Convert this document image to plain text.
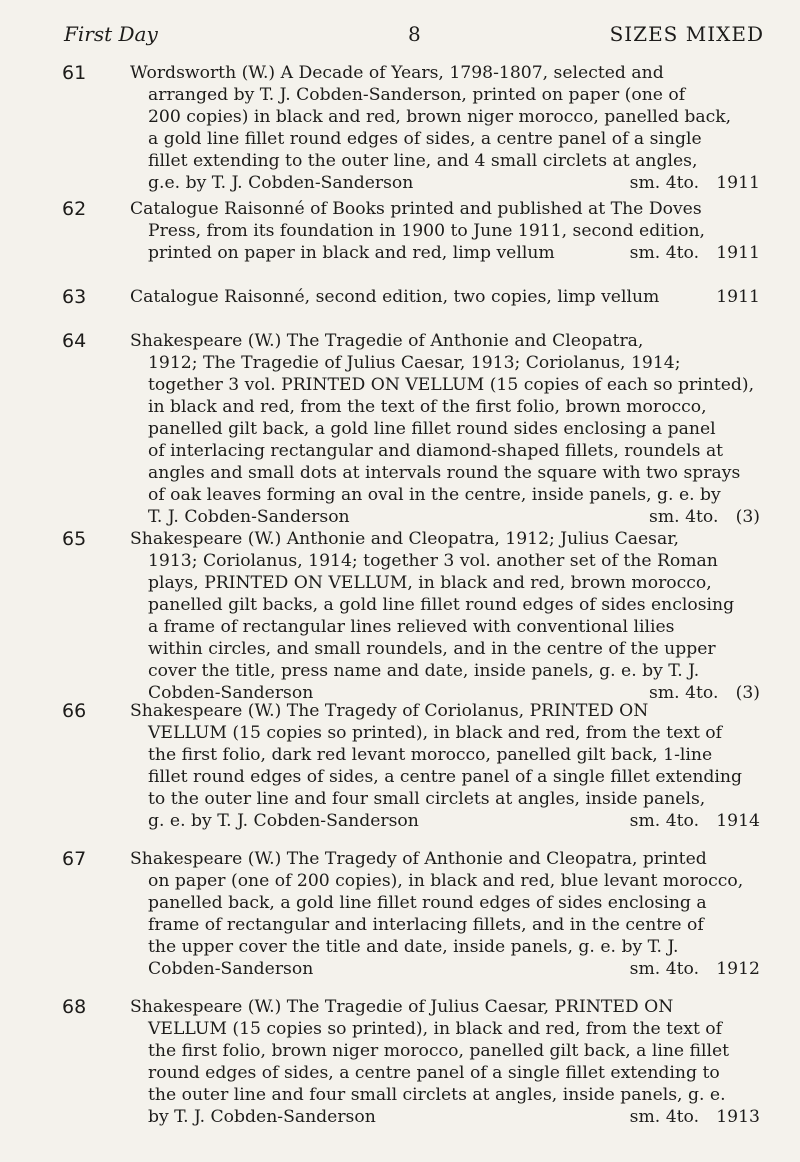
First Day	8	SIZES MIXED
61	Wordsworth (W.) A Decade of Years, 1798-1807, selected and
arranged by T. J. Cobden-Sanderson, printed on paper (one of
200 copies) in black and red, brown niger morocco, panelled back,
a gold line fillet round edges of sides, a centre panel of a single
fillet extending to the outer line, and 4 small circlets at angles,
g.e. by T. J. Cobden-Sanderson	sm. 4to.  1911
62	Catalogue Raisonné of Books printed and published at The Doves
Press, from its foundation in 1900 to June 1911, second edition,
printed on paper in black and red, limp vellum	sm. 4to.  1911
63	Catalogue Raisonné, second edition, two copies, limp vellum	1911
64	Shakespeare (W.) The Tragedie of Anthonie and Cleopatra,
1912; The Tragedie of Julius Caesar, 1913; Coriolanus, 1914;
together 3 vol. PRINTED ON VELLUM (15 copies of each so printed),
in black and red, from the text of the first folio, brown morocco,
panelled gilt back, a gold line fillet round sides enclosing a panel
of interlacing rectangular and diamond-shaped fillets, roundels at
angles and small dots at intervals round the square with two sprays
of oak leaves forming an oval in the centre, inside panels, g. e. by
T. J. Cobden-Sanderson	sm. 4to.  (3)
65	Shakespeare (W.) Anthonie and Cleopatra, 1912; Julius Caesar,
1913; Coriolanus, 1914; together 3 vol. another set of the Roman
plays, PRINTED ON VELLUM, in black and red, brown morocco,
panelled gilt backs, a gold line fillet round edges of sides enclosing
a frame of rectangular lines relieved with conventional lilies
within circles, and small roundels, and in the centre of the upper
cover the title, press name and date, inside panels, g. e. by T. J.
Cobden-Sanderson	sm. 4to.  (3)
66	Shakespeare (W.) The Tragedy of Coriolanus, PRINTED ON
VELLUM (15 copies so printed), in black and red, from the text of
the first folio, dark red levant morocco, panelled gilt back, 1-line
fillet round edges of sides, a centre panel of a single fillet extending
to the outer line and four small circlets at angles, inside panels,
g. e. by T. J. Cobden-Sanderson	sm. 4to.  1914
67	Shakespeare (W.) The Tragedy of Anthonie and Cleopatra, printed
on paper (one of 200 copies), in black and red, blue levant morocco,
panelled back, a gold line fillet round edges of sides enclosing a
frame of rectangular and interlacing fillets, and in the centre of
the upper cover the title and date, inside panels, g. e. by T. J.
Cobden-Sanderson	sm. 4to.  1912
68	Shakespeare (W.) The Tragedie of Julius Caesar, PRINTED ON
VELLUM (15 copies so printed), in black and red, from the text of
the first folio, brown niger morocco, panelled gilt back, a line fillet
round edges of sides, a centre panel of a single fillet extending to
the outer line and four small circlets at angles, inside panels, g. e.
by T. J. Cobden-Sanderson	sm. 4to.  1913
